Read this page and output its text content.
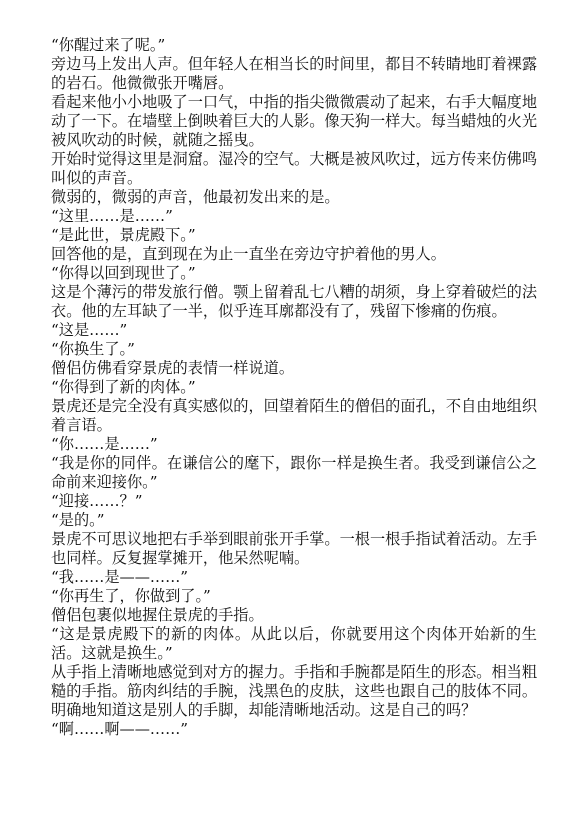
“你醒过来了呢。”

旁边马上发出人声。但年轻人在相当长的时间里，都目不转睛地盯着裸露的岩石。他微微张开嘴唇。

看起来他小小地吸了一口气，中指的指尖微微震动了起来，右手大幅度地动了一下。在墙壁上倒映着巨大的人影。像天狗一样大。每当蜡烛的火光被风吹动的时候，就随之摇曳。

开始时觉得这里是洞窟。湿冷的空气。大概是被风吹过，远方传来仿佛鸣叫似的声音。

微弱的，微弱的声音，他最初发出来的是。

“这里……是……”

“是此世，景虎殿下。”

回答他的是，直到现在为止一直坐在旁边守护着他的男人。

“你得以回到现世了。”

这是个薄污的带发旅行僧。颚上留着乱七八糟的胡须，身上穿着破烂的法衣。他的左耳缺了一半，似乎连耳廓都没有了，残留下惨痛的伤痕。

“这是……”

“你换生了。”

僧侣仿佛看穿景虎的表情一样说道。

“你得到了新的肉体。”

景虎还是完全没有真实感似的，回望着陌生的僧侣的面孔，不自由地组织着言语。

“你……是……”

“我是你的同伴。在谦信公的麾下，跟你一样是换生者。我受到谦信公之命前来迎接你。”

“迎接……？”

“是的。”

景虎不可思议地把右手举到眼前张开手掌。一根一根手指试着活动。左手也同样。反复握掌摊开，他呆然呢喃。

“我……是——……”

“你再生了，你做到了。”

僧侣包裹似地握住景虎的手指。

“这是景虎殿下的新的肉体。从此以后，你就要用这个肉体开始新的生活。这就是换生。”

从手指上清晰地感觉到对方的握力。手指和手腕都是陌生的形态。相当粗糙的手指。筋肉纠结的手腕，浅黑色的皮肤，这些也跟自己的肢体不同。明确地知道这是别人的手脚，却能清晰地活动。这是自己的吗？

“啊……啊——……”
